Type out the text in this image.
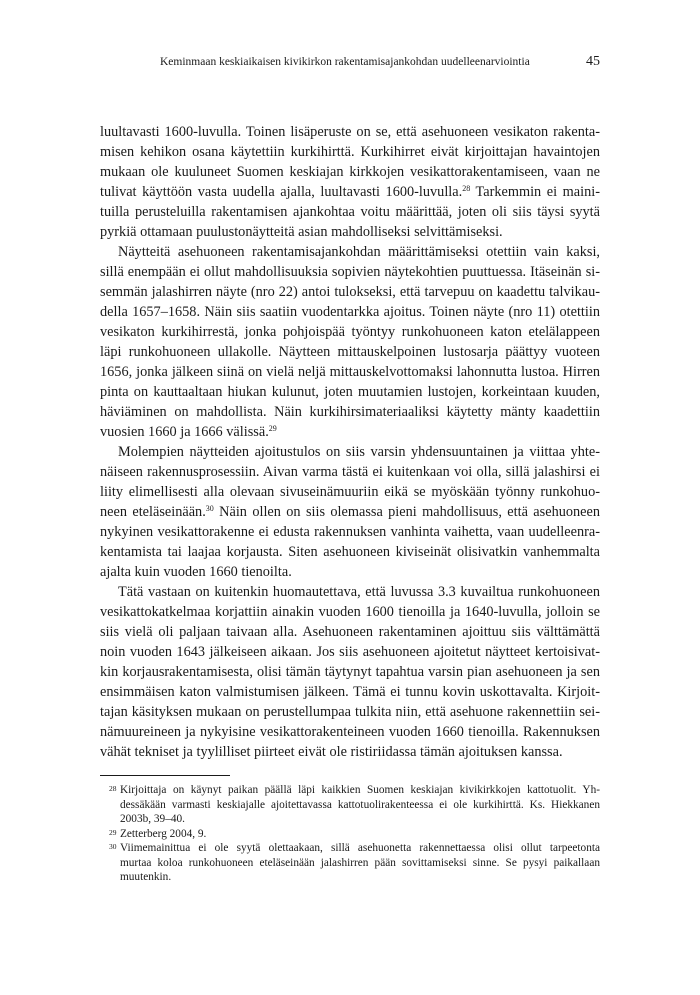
Keminmaan keskiaikaisen kivikirkon rakentamisajankohdan uudelleenarviointia	45
luultavasti 1600-luvulla. Toinen lisäperuste on se, että asehuoneen vesikaton rakenta-
misen kehikon osana käytettiin kurkihirttä. Kurkihirret eivät kirjoittajan havaintojen
mukaan ole kuuluneet Suomen keskiajan kirkkojen vesikattorakentamiseen, vaan ne
tulivat käyttöön vasta uudella ajalla, luultavasti 1600-luvulla.$^{28}$ Tarkemmin ei maini-
tuilla perusteluilla rakentamisen ajankohtaa voitu määrittää, joten oli siis täysi syytä
pyrkiä ottamaan puulustonäytteitä asian mahdolliseksi selvittämiseksi.
Näytteitä asehuoneen rakentamisajankohdan määrittämiseksi otettiin vain kaksi,
sillä enempään ei ollut mahdollisuuksia sopivien näytekohtien puuttuessa. Itäseinän si-
semmän jalashirren näyte (nro 22) antoi tulokseksi, että tarvepuu on kaadettu talvikau-
della 1657–1658. Näin siis saatiin vuodentarkka ajoitus. Toinen näyte (nro 11) otettiin
vesikaton kurkihirrestä, jonka pohjoispää työntyy runkohuoneen katon etelälappeen
läpi runkohuoneen ullakolle. Näytteen mittauskelpoinen lustosarja päättyy vuoteen
1656, jonka jälkeen siinä on vielä neljä mittauskelvottomaksi lahonnutta lustoa. Hirren
pinta on kauttaaltaan hiukan kulunut, joten muutamien lustojen, korkeintaan kuuden,
häviäminen on mahdollista. Näin kurkihirsimateriaaliksi käytetty mänty kaadettiin
vuosien 1660 ja 1666 välissä.$^{29}$
Molempien näytteiden ajoitustulos on siis varsin yhdensuuntainen ja viittaa yhte-
näiseen rakennusprosessiin. Aivan varma tästä ei kuitenkaan voi olla, sillä jalashirsi ei
liity elimellisesti alla olevaan sivuseinämuuriin eikä se myöskään työnny runkohuo-
neen eteläseinään.$^{30}$ Näin ollen on siis olemassa pieni mahdollisuus, että asehuoneen
nykyinen vesikattorakenne ei edusta rakennuksen vanhinta vaihetta, vaan uudelleenra-
kentamista tai laajaa korjausta. Siten asehuoneen kiviseinät olisivatkin vanhemmalta
ajalta kuin vuoden 1660 tienoilta.
Tätä vastaan on kuitenkin huomautettava, että luvussa 3.3 kuvailtua runkohuoneen
vesikattokatkelmaa korjattiin ainakin vuoden 1600 tienoilla ja 1640-luvulla, jolloin se
siis vielä oli paljaan taivaan alla. Asehuoneen rakentaminen ajoittuu siis välttämättä
noin vuoden 1643 jälkeiseen aikaan. Jos siis asehuoneen ajoitetut näytteet kertoisivat-
kin korjausrakentamisesta, olisi tämän täytynyt tapahtua varsin pian asehuoneen ja sen
ensimmäisen katon valmistumisen jälkeen. Tämä ei tunnu kovin uskottavalta. Kirjoit-
tajan käsityksen mukaan on perustellumpaa tulkita niin, että asehuone rakennettiin sei-
nämuureineen ja nykyisine vesikattorakenteineen vuoden 1660 tienoilla. Rakennuksen
vähät tekniset ja tyylilliset piirteet eivät ole ristiriidassa tämän ajoituksen kanssa.
28 Kirjoittaja on käynyt paikan päällä läpi kaikkien Suomen keskiajan kivikirkkojen kattotuolit. Yh-
dessäkään varmasti keskiajalle ajoitettavassa kattotuolirakenteessa ei ole kurkihirttä. Ks. Hiekkanen
2003b, 39–40.
29 Zetterberg 2004, 9.
30 Viimemainittua ei ole syytä olettaakaan, sillä asehuonetta rakennettaessa olisi ollut tarpeetonta
murtaa koloa runkohuoneen eteläseinään jalashirren pään sovittamiseksi sinne. Se pysyi paikallaan
muutenkin.
